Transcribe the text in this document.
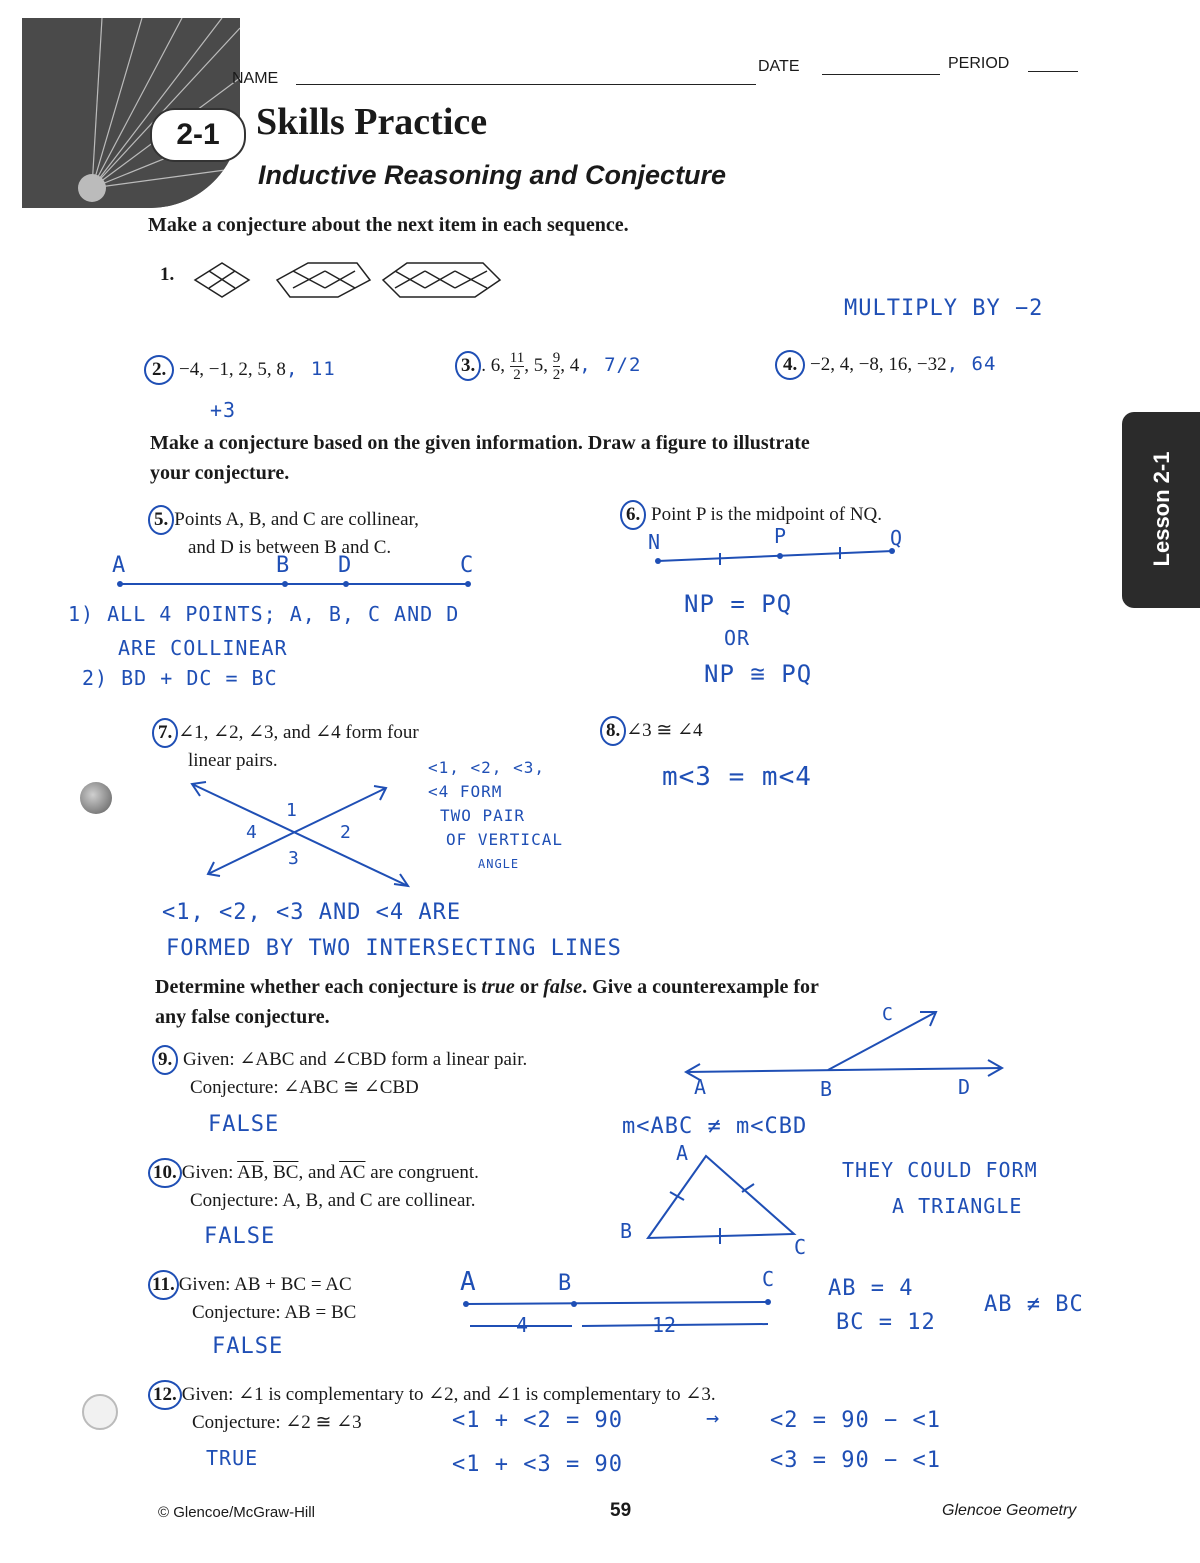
2-1
NAME
DATE	PERIOD
Skills Practice
Inductive Reasoning and Conjecture
Lesson 2-1
Make a conjecture about the next item in each sequence.
1.
MULTIPLY BY −2
2. −4, −1, 2, 5, 8, 11
+3
3. . 6, $\frac{11}{2}$ , 5, $\frac{9}{2}$ , 4, 7/2	4. −2, 4, −8, 16, −32, 64
Make a conjecture based on the given information. Draw a figure to illustrate
your conjecture.
5. Points A, B, and C are collinear,
and D is between B and C.
A	B D	C
1) ALL 4 POINTS; A, B, C AND D
ARE COLLINEAR
2) BD + DC = BC
6. Point P is the midpoint of NQ.
N	P	Q
NP = PQ
OR
NP ≅ PQ
7. ∠1, ∠2, ∠3, and ∠4 form four
linear pairs.
1
2
3
4
<1, <2, <3,
<4 FORM
TWO PAIR
OF VERTICAL
ANGLE
<1, <2, <3 AND <4 ARE
FORMED BY TWO INTERSECTING LINES
8. ∠3 ≅ ∠4
m<3 = m<4
Determine whether each conjecture is true or false. Give a counterexample for
any false conjecture.
9. Given: ∠ABC and ∠CBD form a linear pair.
Conjecture: ∠ABC ≅ ∠CBD
FALSE
A	B	D
C
m<ABC ≠ m<CBD
10. Given: $\overline{AB}$, $\overline{BC}$, and $\overline{AC}$ are congruent.
Conjecture: A, B, and C are collinear.
FALSE
A
B
C
THEY COULD FORM
A TRIANGLE
11. Given: AB + BC = AC
Conjecture: AB = BC
FALSE
A	B	C
4	12
AB = 4
BC = 12
AB ≠ BC
12. Given: ∠1 is complementary to ∠2, and ∠1 is complementary to ∠3.
Conjecture: ∠2 ≅ ∠3
TRUE
<1 + <2 = 90	→ <2 = 90 − <1
<1 + <3 = 90	<3 = 90 − <1
© Glencoe/McGraw-Hill	59	Glencoe Geometry
